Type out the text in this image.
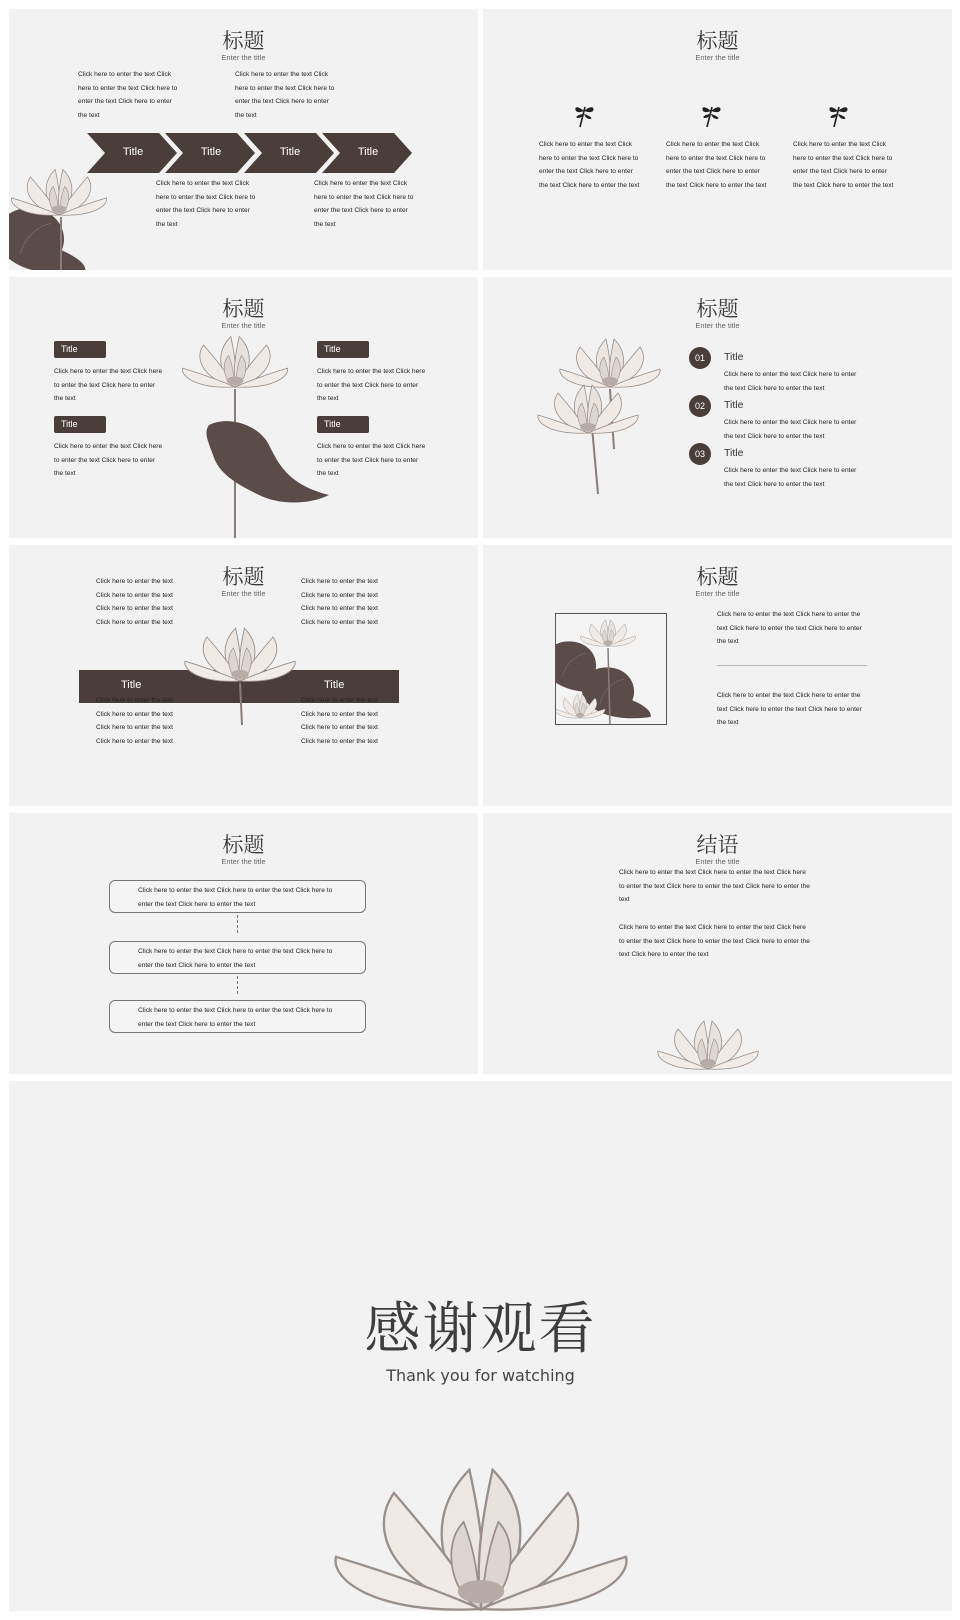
标题
Enter the title
Click here to enter the text Click here to enter the text Click here to enter the text Click here to enter the text
Click here to enter the text Click here to enter the text Click here to enter the text Click here to enter the text
Title	Title	Title	Title
Click here to enter the text Click here to enter the text Click here to enter the text Click here to enter the text
Click here to enter the text Click here to enter the text Click here to enter the text Click here to enter the text
标题
Enter the title
Click here to enter the text Click here to enter the text Click here to enter the text Click here to enter the text Click here to enter the text
Click here to enter the text Click here to enter the text Click here to enter the text Click here to enter the text Click here to enter the text
Click here to enter the text Click here to enter the text Click here to enter the text Click here to enter the text Click here to enter the text
标题
Enter the title
Title
Click here to enter the text Click here to enter the text Click here to enter the text
Title
Click here to enter the text Click here to enter the text Click here to enter the text
Title
Click here to enter the text Click here to enter the text Click here to enter the text
Title
Click here to enter the text Click here to enter the text Click here to enter the text
标题
Enter the title
01	Title
Click here to enter the text Click here to enter the text Click here to enter the text
02	Title
Click here to enter the text Click here to enter the text Click here to enter the text
03	Title
Click here to enter the text Click here to enter the text Click here to enter the text
标题
Enter the title
Click here to enter the text Click here to enter the text Click here to enter the text Click here to enter the text
Click here to enter the text Click here to enter the text Click here to enter the text Click here to enter the text
Title	Title
Click here to enter the text Click here to enter the text Click here to enter the text Click here to enter the text
Click here to enter the text Click here to enter the text Click here to enter the text Click here to enter the text
标题
Enter the title
Click here to enter the text Click here to enter the text Click here to enter the text Click here to enter the text
Click here to enter the text Click here to enter the text Click here to enter the text Click here to enter the text
标题
Enter the title
Click here to enter the text Click here to enter the text Click here to enter the text Click here to enter the text
Click here to enter the text Click here to enter the text Click here to enter the text Click here to enter the text
Click here to enter the text Click here to enter the text Click here to enter the text Click here to enter the text
结语
Enter the title
Click here to enter the text Click here to enter the text Click here to enter the text Click here to enter the text Click here to enter the text
Click here to enter the text Click here to enter the text Click here to enter the text Click here to enter the text Click here to enter the text Click here to enter the text
感谢观看
Thank you for watching
